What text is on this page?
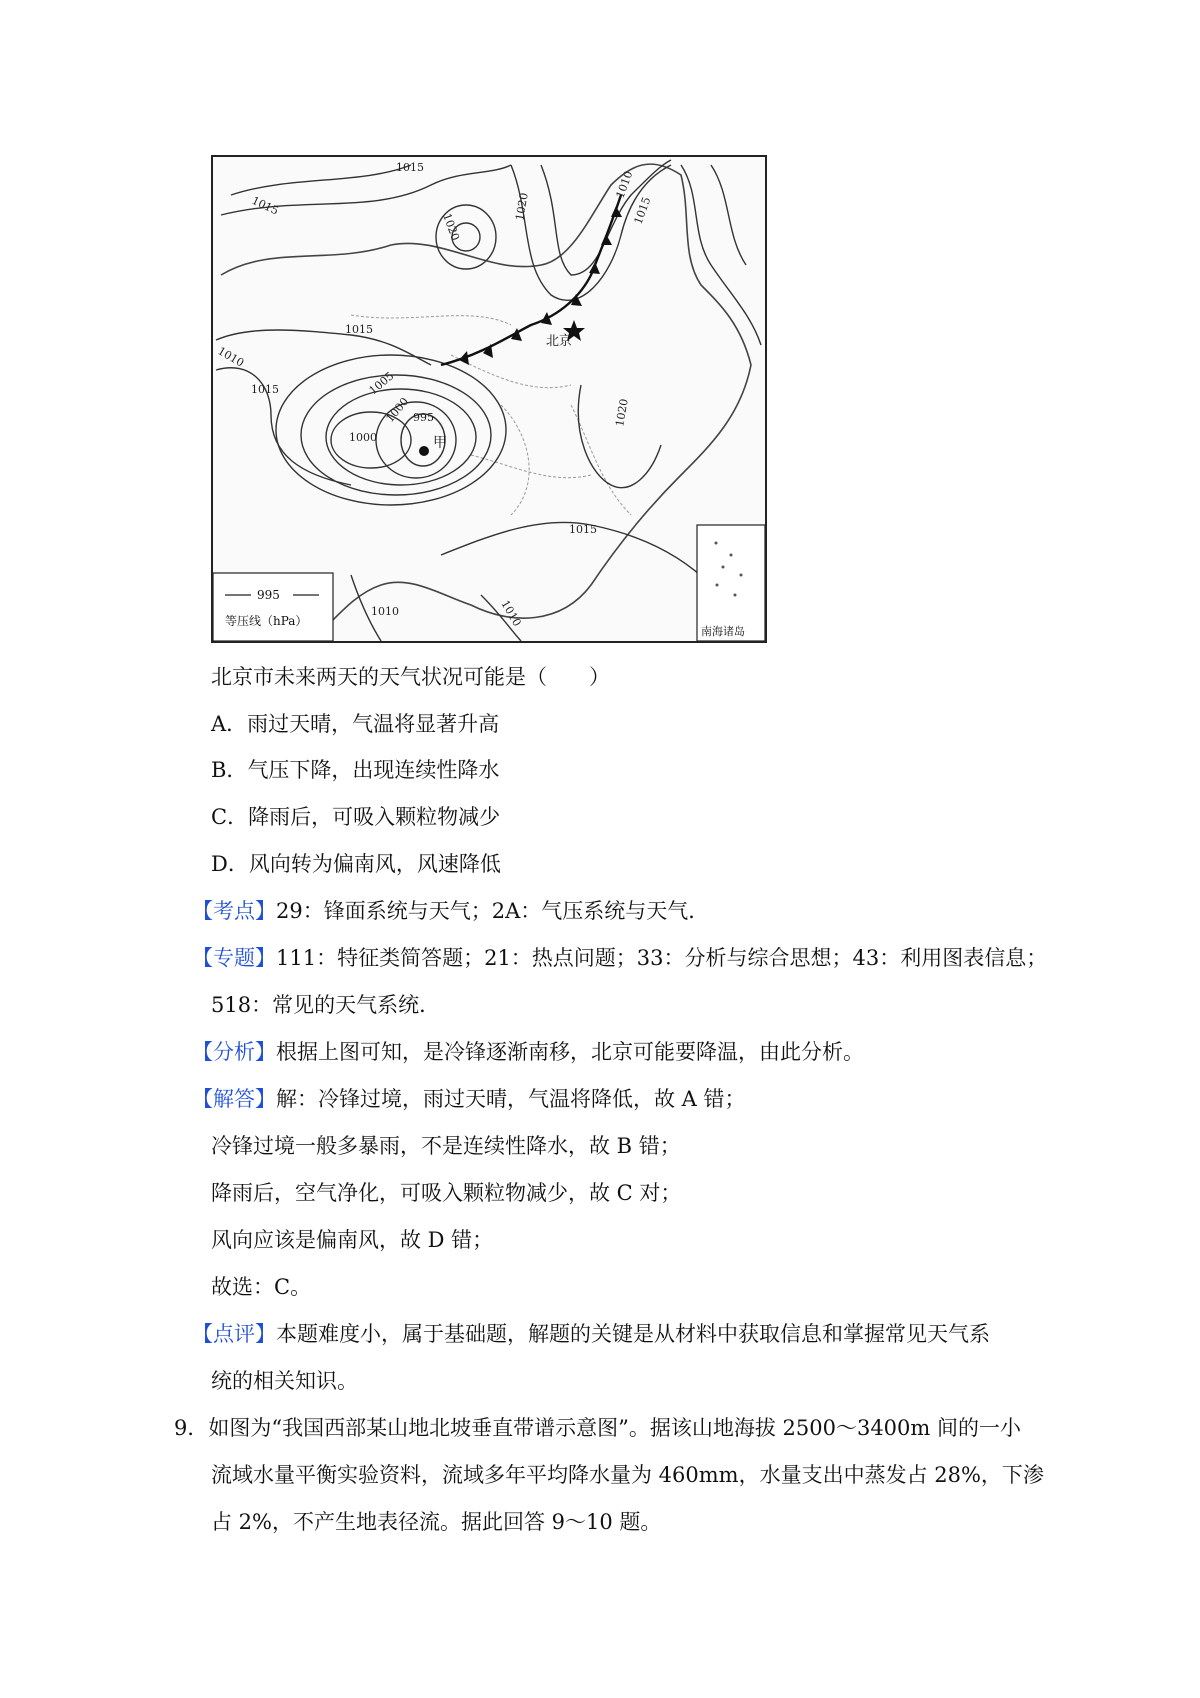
北京
甲
1015
1015
1020
1020
1010
1015
1015
1010
1015	1005
1000
1000
995	1020
1015
1010	1010
995
等压线（hPa）
南海诸岛
北京市未来两天的天气状况可能是（　　）
A．雨过天晴，气温将显著升高
B．气压下降，出现连续性降水
C．降雨后，可吸入颗粒物减少
D．风向转为偏南风，风速降低
【考点】29：锋面系统与天气；2A：气压系统与天气．
【专题】111：特征类简答题；21：热点问题；33：分析与综合思想；43：利用图表信息；
518：常见的天气系统．
【分析】根据上图可知，是冷锋逐渐南移，北京可能要降温，由此分析。
【解答】解：冷锋过境，雨过天晴，气温将降低，故 A 错；
冷锋过境一般多暴雨，不是连续性降水，故 B 错；
降雨后，空气净化，可吸入颗粒物减少，故 C 对；
风向应该是偏南风，故 D 错；
故选：C。
【点评】本题难度小，属于基础题，解题的关键是从材料中获取信息和掌握常见天气系
统的相关知识。
9．如图为“我国西部某山地北坡垂直带谱示意图”。据该山地海拔 2500～3400m 间的一小
流域水量平衡实验资料，流域多年平均降水量为 460mm，水量支出中蒸发占 28%，下渗
占 2%，不产生地表径流。据此回答 9～10 题。
